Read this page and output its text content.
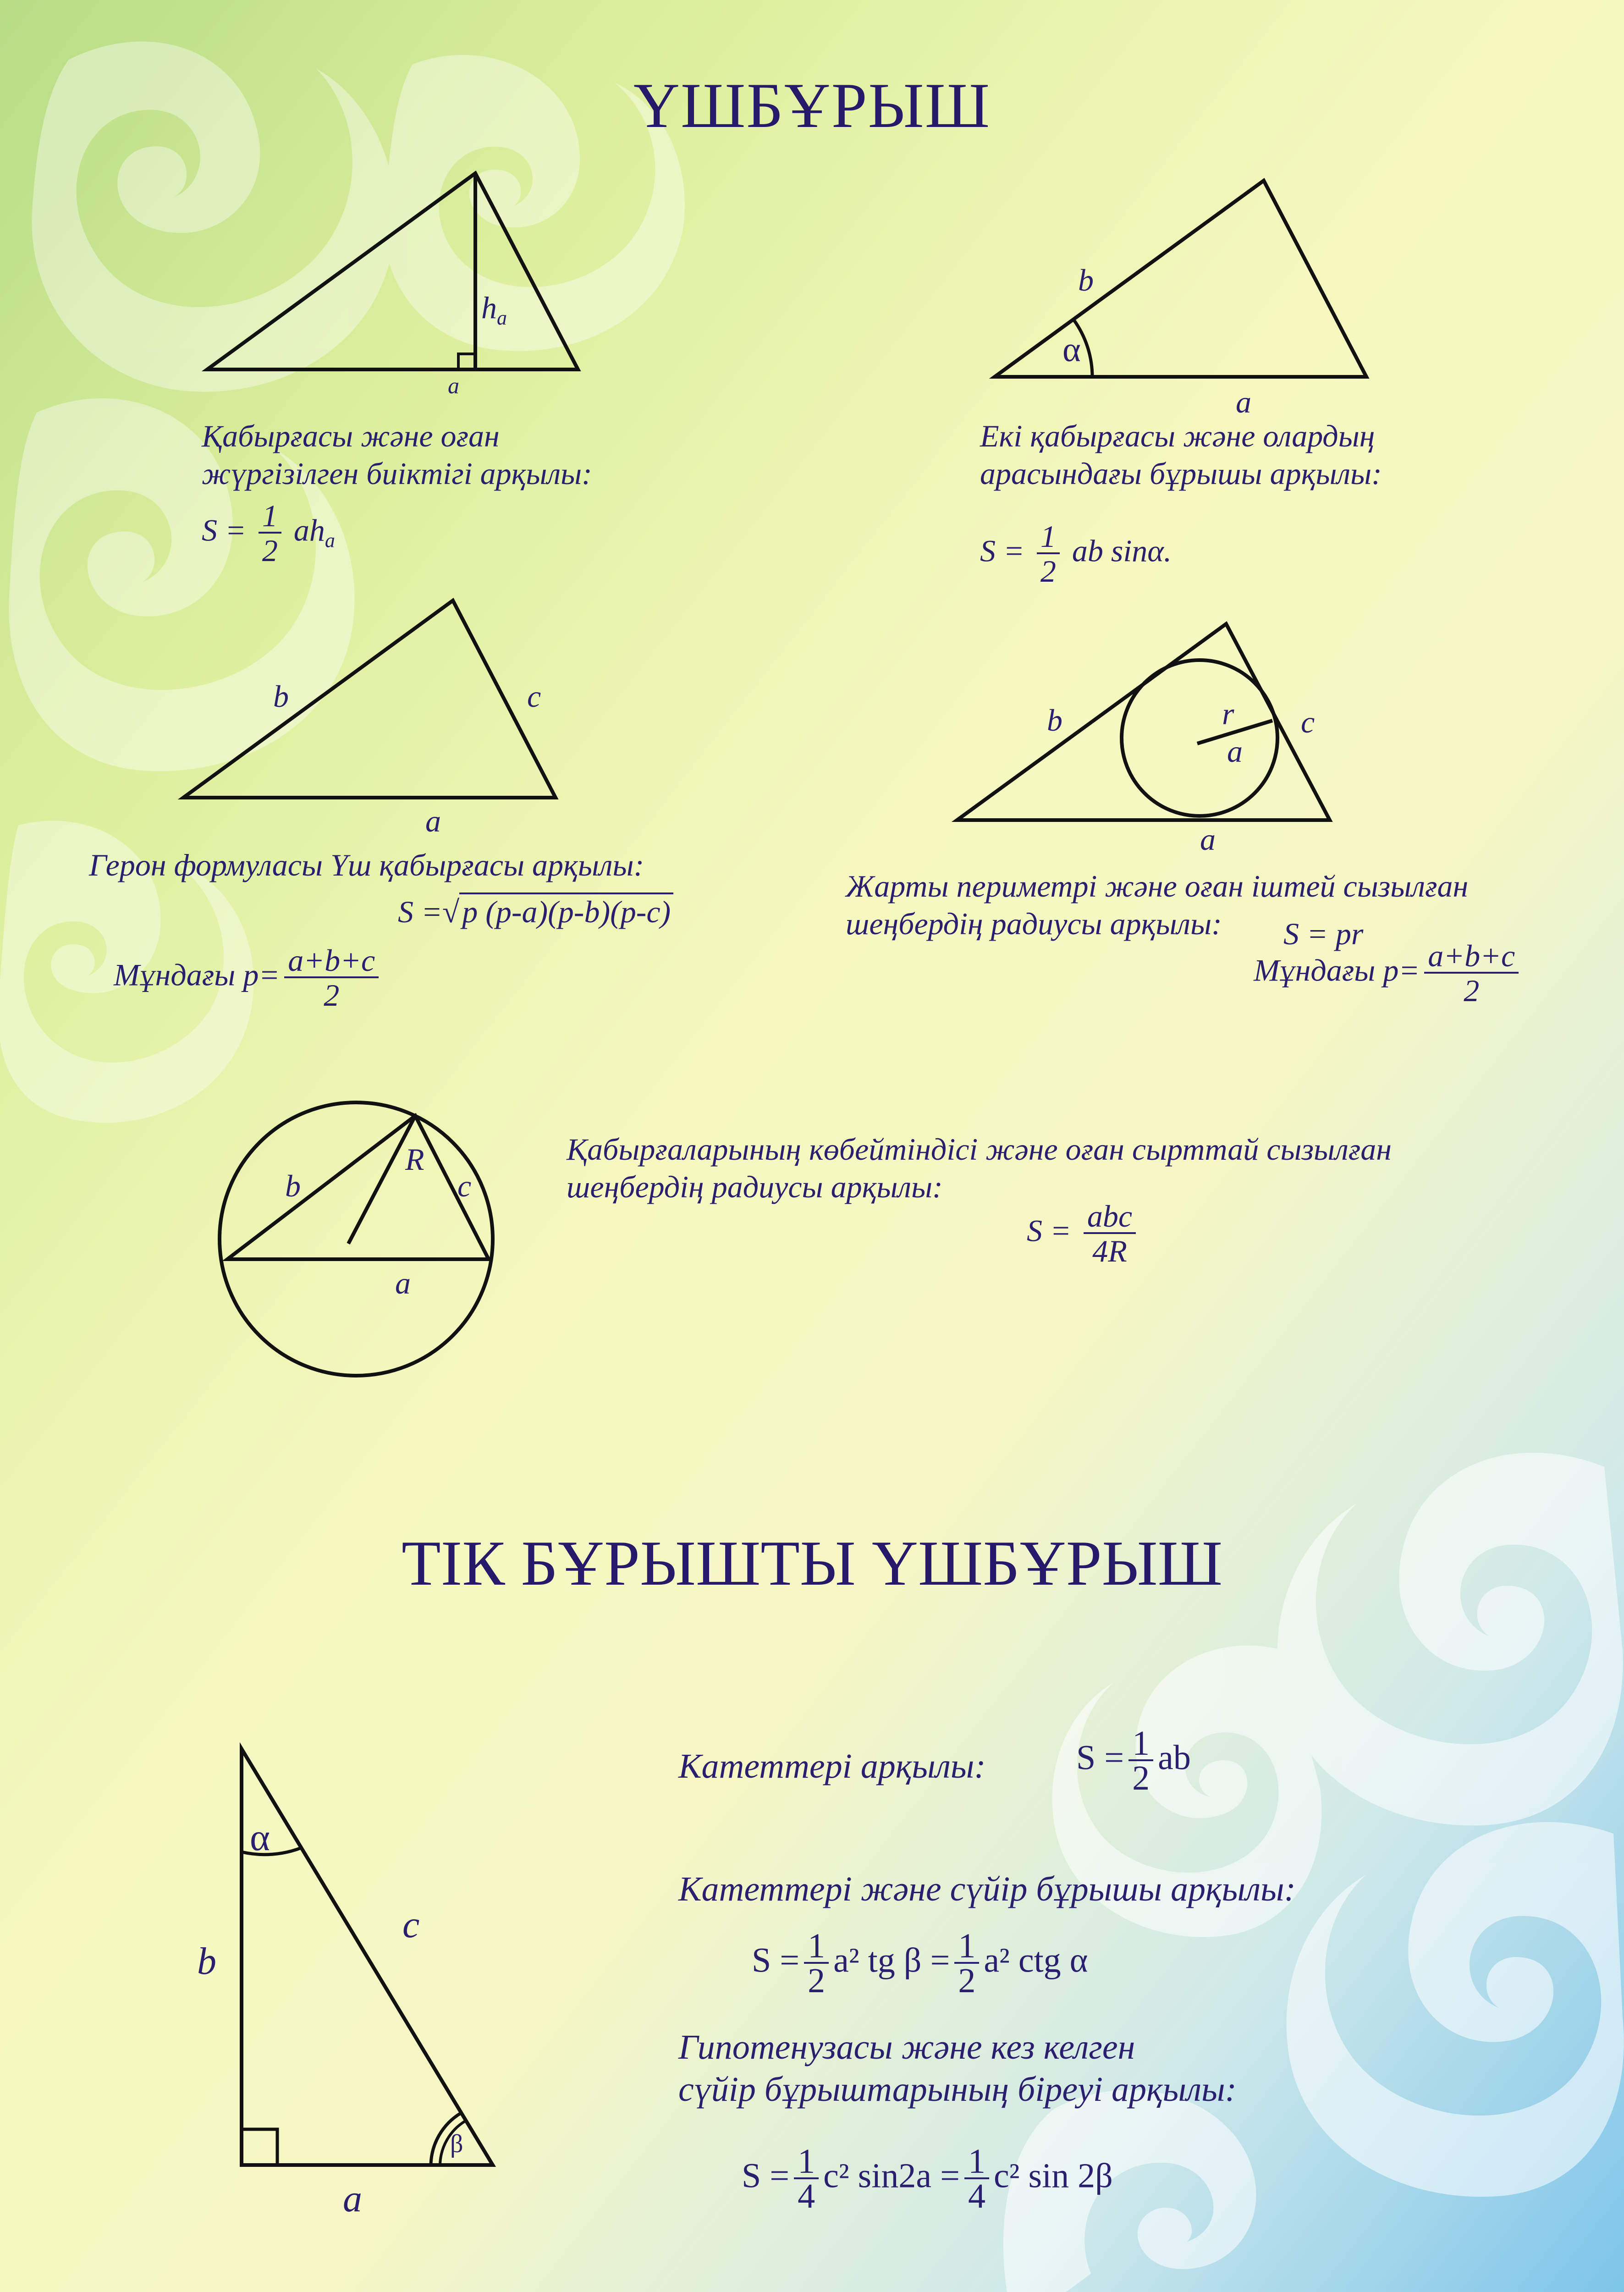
ҮШБҰРЫШ
ТІК БҰРЫШТЫ ҮШБҰРЫШ
$h_a$
a
b
α
a
b	c
a
b	r
a
c
a
b
R
c
a
α
b
c
β
a

Қабырғасы және оған
жүргізілген биіктігі арқылы:

$S = \frac{1}{2} ah_a$

Екі қабырғасы және олардың
арасындағы бұрышы арқылы:

$S = \frac{1}{2}$ ab sinα.

Герон формуласы Үш қабырғасы арқылы:

S =√p (p-a)(p-b)(p-c)
Мұндағы $p= \frac{a+b+c}{2}$

Жарты периметрі және оған іштей сызылған
шеңбердің радиусы арқылы:	S = pr
Мұндағы $p= \frac{a+b+c}{2}$

Қабырғаларының көбейтіндісі және оған сырттай сызылған
шеңбердің радиусы арқылы:

$S = \frac{\text{abc}}{4R}$

Катеттері арқылы:	$S = \frac{1}{2}$ ab

Катеттері және сүйір бұрышы арқылы:

$S = \frac{1}{2} a^2$ tg $\beta = \frac{1}{2} a^2$ ctg α

Гипотенузасы және кез келген
сүйір бұрыштарының біреуі арқылы:

$S = \frac{1}{4} c^2$ $\sin 2a = \frac{1}{4} c^2$ sin 2β
